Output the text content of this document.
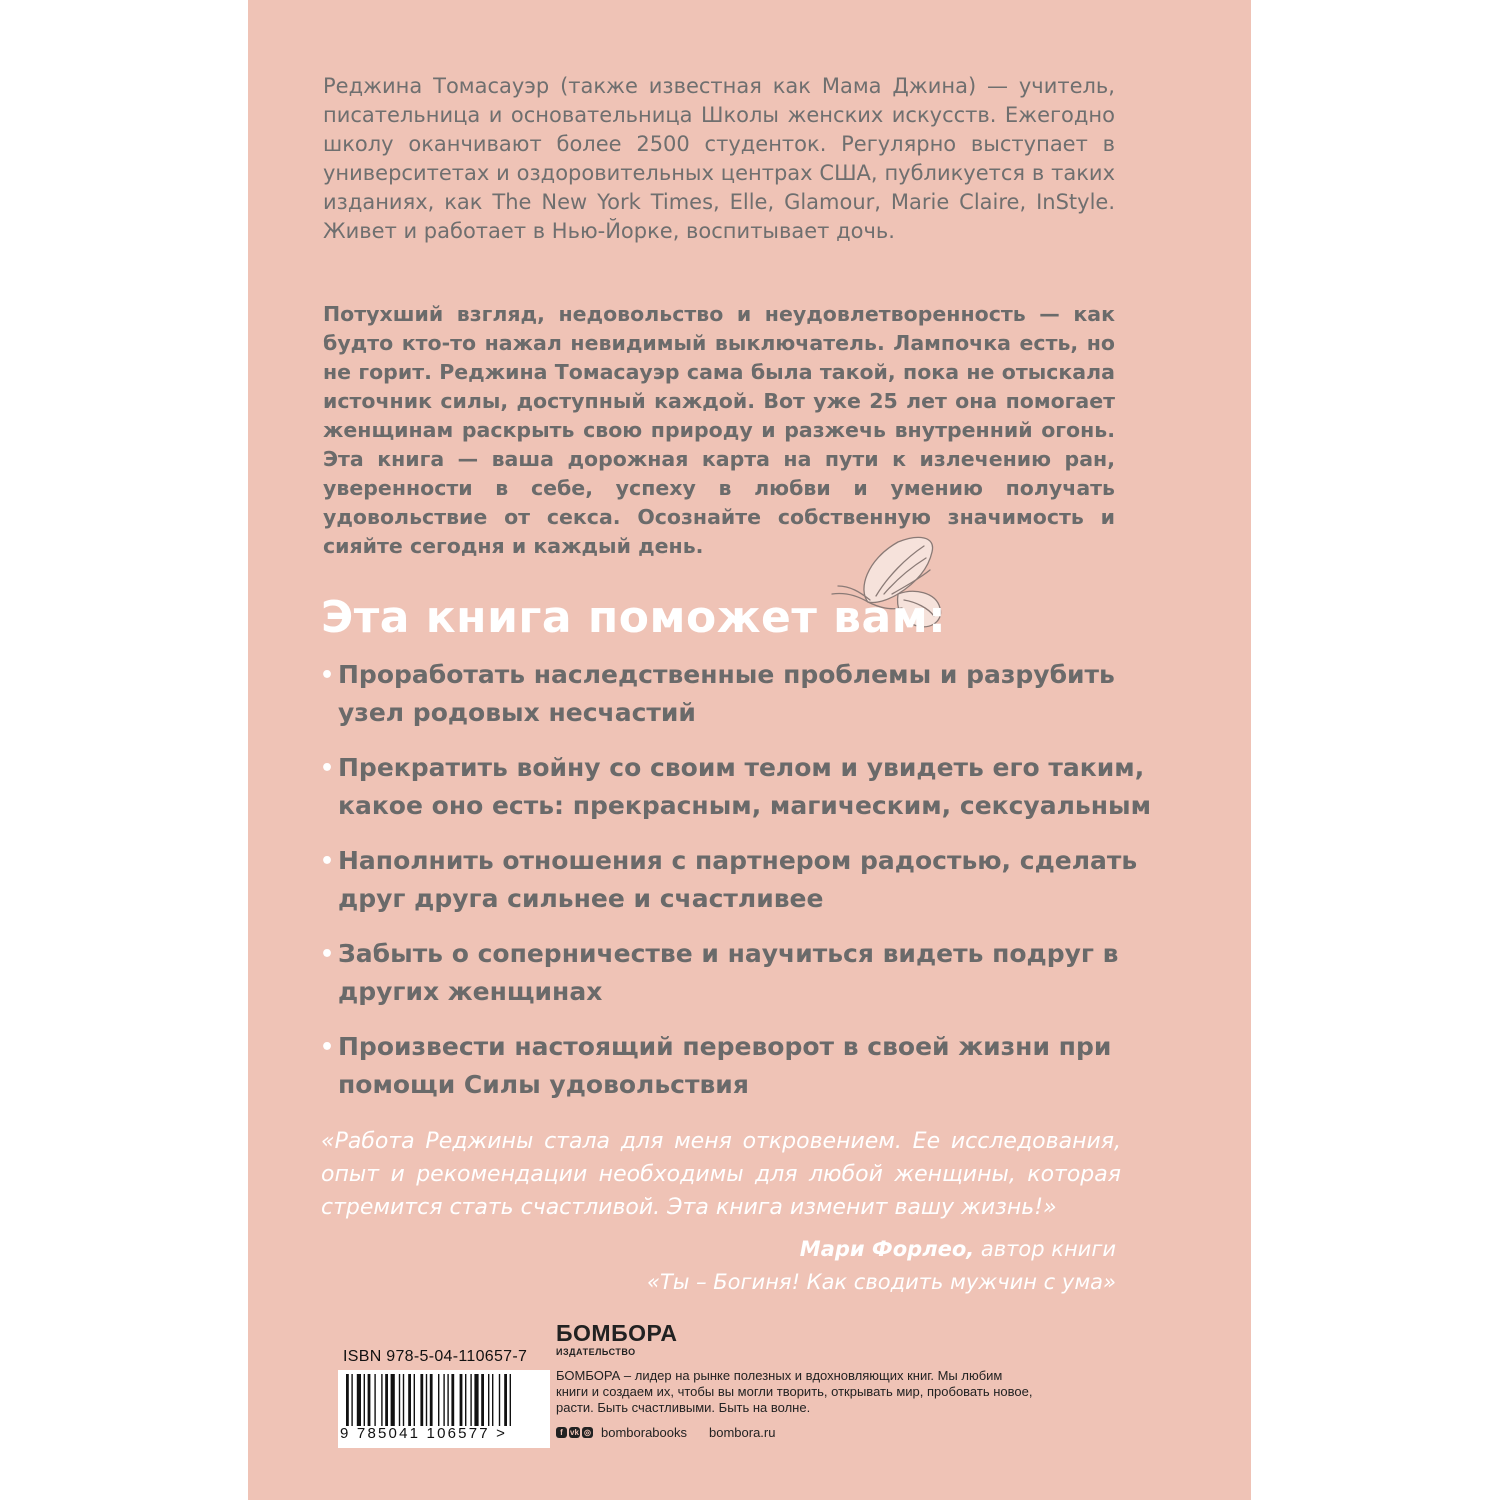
Реджина Томасауэр (также известная как Мама Джина) — учитель, писательница и основательница Школы женских искусств. Ежегодно школу оканчивают более 2500 студенток. Регулярно выступает в университетах и оздоровительных центрах США, публикуется в таких изданиях, как The New York Times, Elle, Glamour, Marie Claire, InStyle. Живет и работает в Нью-Йорке, воспитывает дочь.

Потухший взгляд, недовольство и неудовлетворенность — как будто кто-то нажал невидимый выключатель. Лампочка есть, но не горит. Реджина Томасауэр сама была такой, пока не отыскала источник силы, доступный каждой. Вот уже 25 лет она помогает женщинам раскрыть свою природу и разжечь внутренний огонь. Эта книга — ваша дорожная карта на пути к излечению ран, уверенности в себе, успеху в любви и умению получать удовольствие от секса. Осознайте собственную значимость и сияйте сегодня и каждый день.

Эта книга поможет вам:
• Проработать наследственные проблемы и разрубить узел родовых несчастий
• Прекратить войну со своим телом и увидеть его таким, какое оно есть: прекрасным, магическим, сексуальным
• Наполнить отношения с партнером радостью, сделать друг друга сильнее и счастливее
• Забыть о соперничестве и научиться видеть подруг в других женщинах
• Произвести настоящий переворот в своей жизни при помощи Силы удовольствия

«Работа Реджины стала для меня откровением. Ее исследования, опыт и рекомендации необходимы для любой женщины, которая стремится стать счастливой. Эта книга изменит вашу жизнь!»

Мари Форлео, автор книги
«Ты – Богиня! Как сводить мужчин с ума»
ISBN 978-5-04-110657-7
9 785041 106577 >
БОМБОРА
ИЗДАТЕЛЬСТВО

БОМБОРА – лидер на рынке полезных и вдохновляющих книг. Мы любим книги и создаем их, чтобы вы могли творить, открывать мир, пробовать новое, расти. Быть счастливыми. Быть на волне.

f vk ◎ bomborabooks bombora.ru
